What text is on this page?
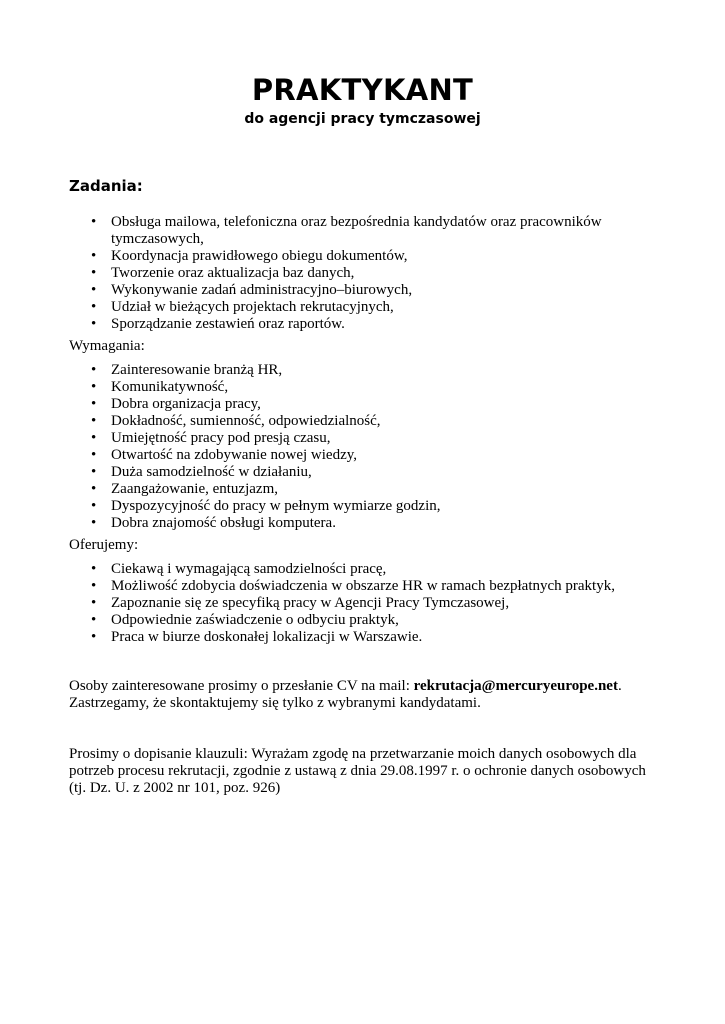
PRAKTYKANT
do agencji pracy tymczasowej
Zadania:
• Obsługa mailowa, telefoniczna oraz bezpośrednia kandydatów oraz pracowników tymczasowych,
• Koordynacja prawidłowego obiegu dokumentów,
• Tworzenie oraz aktualizacja baz danych,
• Wykonywanie zadań administracyjno–biurowych,
• Udział w bieżących projektach rekrutacyjnych,
• Sporządzanie zestawień oraz raportów.
Wymagania:
• Zainteresowanie branżą HR,
• Komunikatywność,
• Dobra organizacja pracy,
• Dokładność, sumienność, odpowiedzialność,
• Umiejętność pracy pod presją czasu,
• Otwartość na zdobywanie nowej wiedzy,
• Duża samodzielność w działaniu,
• Zaangażowanie, entuzjazm,
• Dyspozycyjność do pracy w pełnym wymiarze godzin,
• Dobra znajomość obsługi komputera.
Oferujemy:
• Ciekawą i wymagającą samodzielności pracę,
• Możliwość zdobycia doświadczenia w obszarze HR w ramach bezpłatnych praktyk,
• Zapoznanie się ze specyfiką pracy w Agencji Pracy Tymczasowej,
• Odpowiednie zaświadczenie o odbyciu praktyk,
• Praca w biurze doskonałej lokalizacji w Warszawie.

Osoby zainteresowane prosimy o przesłanie CV na mail: rekrutacja@mercuryeurope.net.

Zastrzegamy, że skontaktujemy się tylko z wybranymi kandydatami.

Prosimy o dopisanie klauzuli: Wyrażam zgodę na przetwarzanie moich danych osobowych dla potrzeb procesu rekrutacji, zgodnie z ustawą z dnia 29.08.1997 r. o ochronie danych osobowych (tj. Dz. U. z 2002 nr 101, poz. 926)
